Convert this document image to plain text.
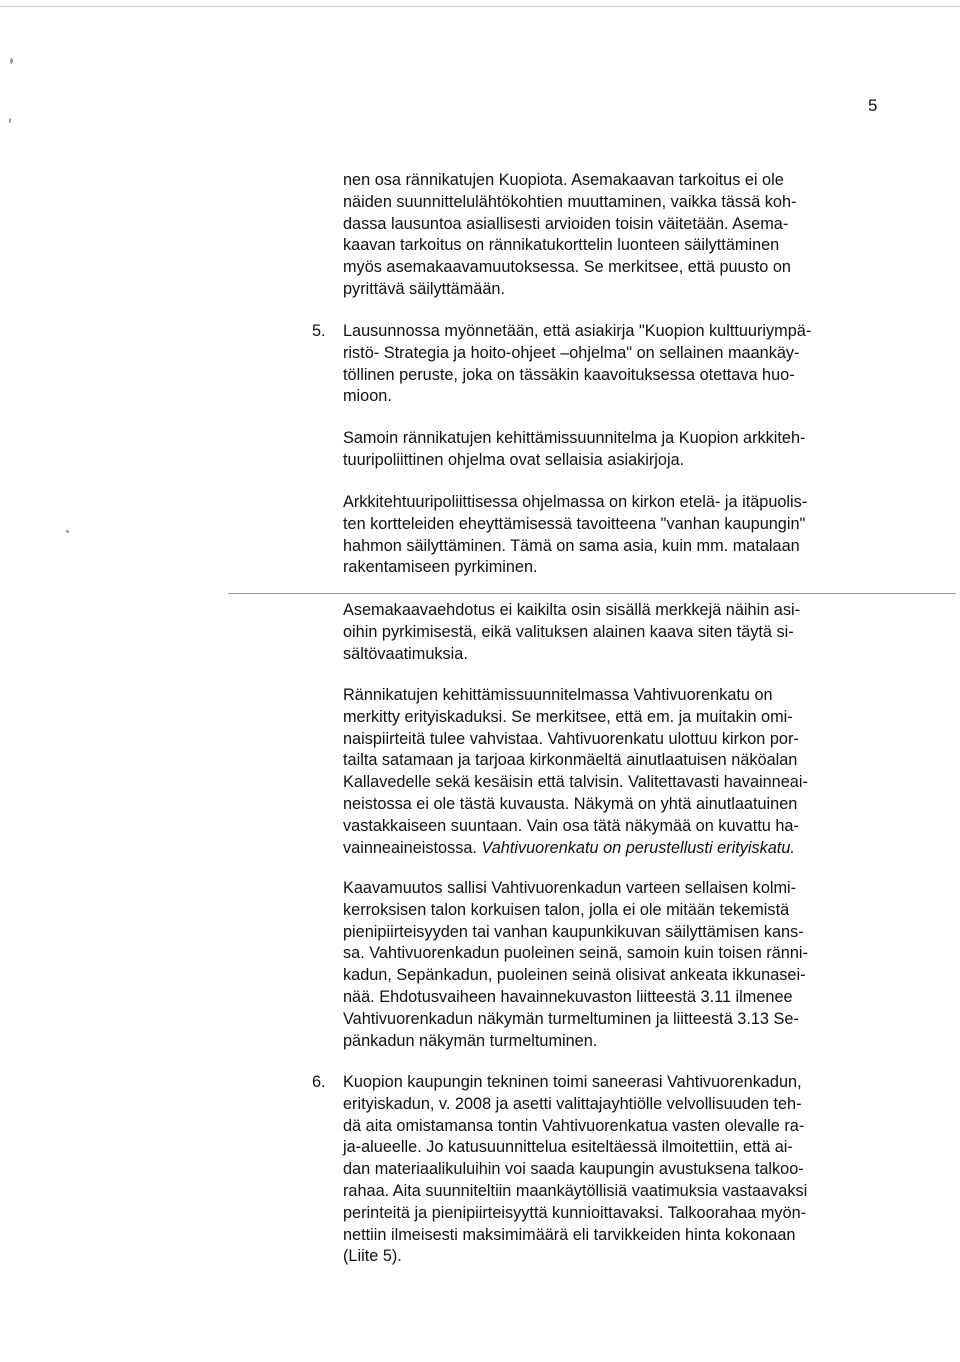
5
nen osa rännikatujen Kuopiota. Asemakaavan tarkoitus ei ole
näiden suunnittelulähtökohtien muuttaminen, vaikka tässä koh-
dassa lausuntoa asiallisesti arvioiden toisin väitetään. Asema-
kaavan tarkoitus on rännikatukorttelin luonteen säilyttäminen
myös asemakaavamuutoksessa. Se merkitsee, että puusto on
pyrittävä säilyttämään.
5. Lausunnossa myönnetään, että asiakirja "Kuopion kulttuuriympä-
ristö- Strategia ja hoito-ohjeet –ohjelma" on sellainen maankäy-
töllinen peruste, joka on tässäkin kaavoituksessa otettava huo-
mioon.
Samoin rännikatujen kehittämissuunnitelma ja Kuopion arkkiteh-
tuuripoliittinen ohjelma ovat sellaisia asiakirjoja.
Arkkitehtuuripoliittisessa ohjelmassa on kirkon etelä- ja itäpuolis-
ten kortteleiden eheyttämisessä tavoitteena "vanhan kaupungin"
hahmon säilyttäminen. Tämä on sama asia, kuin mm. matalaan
rakentamiseen pyrkiminen.
Asemakaavaehdotus ei kaikilta osin sisällä merkkejä näihin asi-
oihin pyrkimisestä, eikä valituksen alainen kaava siten täytä si-
sältövaatimuksia.
Rännikatujen kehittämissuunnitelmassa Vahtivuorenkatu on
merkitty erityiskaduksi. Se merkitsee, että em. ja muitakin omi-
naispiirteitä tulee vahvistaa. Vahtivuorenkatu ulottuu kirkon por-
tailta satamaan ja tarjoaa kirkonmäeltä ainutlaatuisen näköalan
Kallavedelle sekä kesäisin että talvisin. Valitettavasti havainneai-
neistossa ei ole tästä kuvausta. Näkymä on yhtä ainutlaatuinen
vastakkaiseen suuntaan. Vain osa tätä näkymää on kuvattu ha-
vainneaineistossa. Vahtivuorenkatu on perustellusti erityiskatu.
Kaavamuutos sallisi Vahtivuorenkadun varteen sellaisen kolmi-
kerroksisen talon korkuisen talon, jolla ei ole mitään tekemistä
pienipiirteisyyden tai vanhan kaupunkikuvan säilyttämisen kans-
sa. Vahtivuorenkadun puoleinen seinä, samoin kuin toisen ränni-
kadun, Sepänkadun, puoleinen seinä olisivat ankeata ikkunasei-
nää. Ehdotusvaiheen havainnekuvaston liitteestä 3.11 ilmenee
Vahtivuorenkadun näkymän turmeltuminen ja liitteestä 3.13 Se-
pänkadun näkymän turmeltuminen.
6. Kuopion kaupungin tekninen toimi saneerasi Vahtivuorenkadun,
erityiskadun, v. 2008 ja asetti valittajayhtiölle velvollisuuden teh-
dä aita omistamansa tontin Vahtivuorenkatua vasten olevalle ra-
ja-alueelle. Jo katusuunnittelua esiteltäessä ilmoitettiin, että ai-
dan materiaalikuluihin voi saada kaupungin avustuksena talkoo-
rahaa. Aita suunniteltiin maankäytöllisiä vaatimuksia vastaavaksi
perinteitä ja pienipiirteisyyttä kunnioittavaksi. Talkoorahaa myön-
nettiin ilmeisesti maksimimäärä eli tarvikkeiden hinta kokonaan
(Liite 5).
